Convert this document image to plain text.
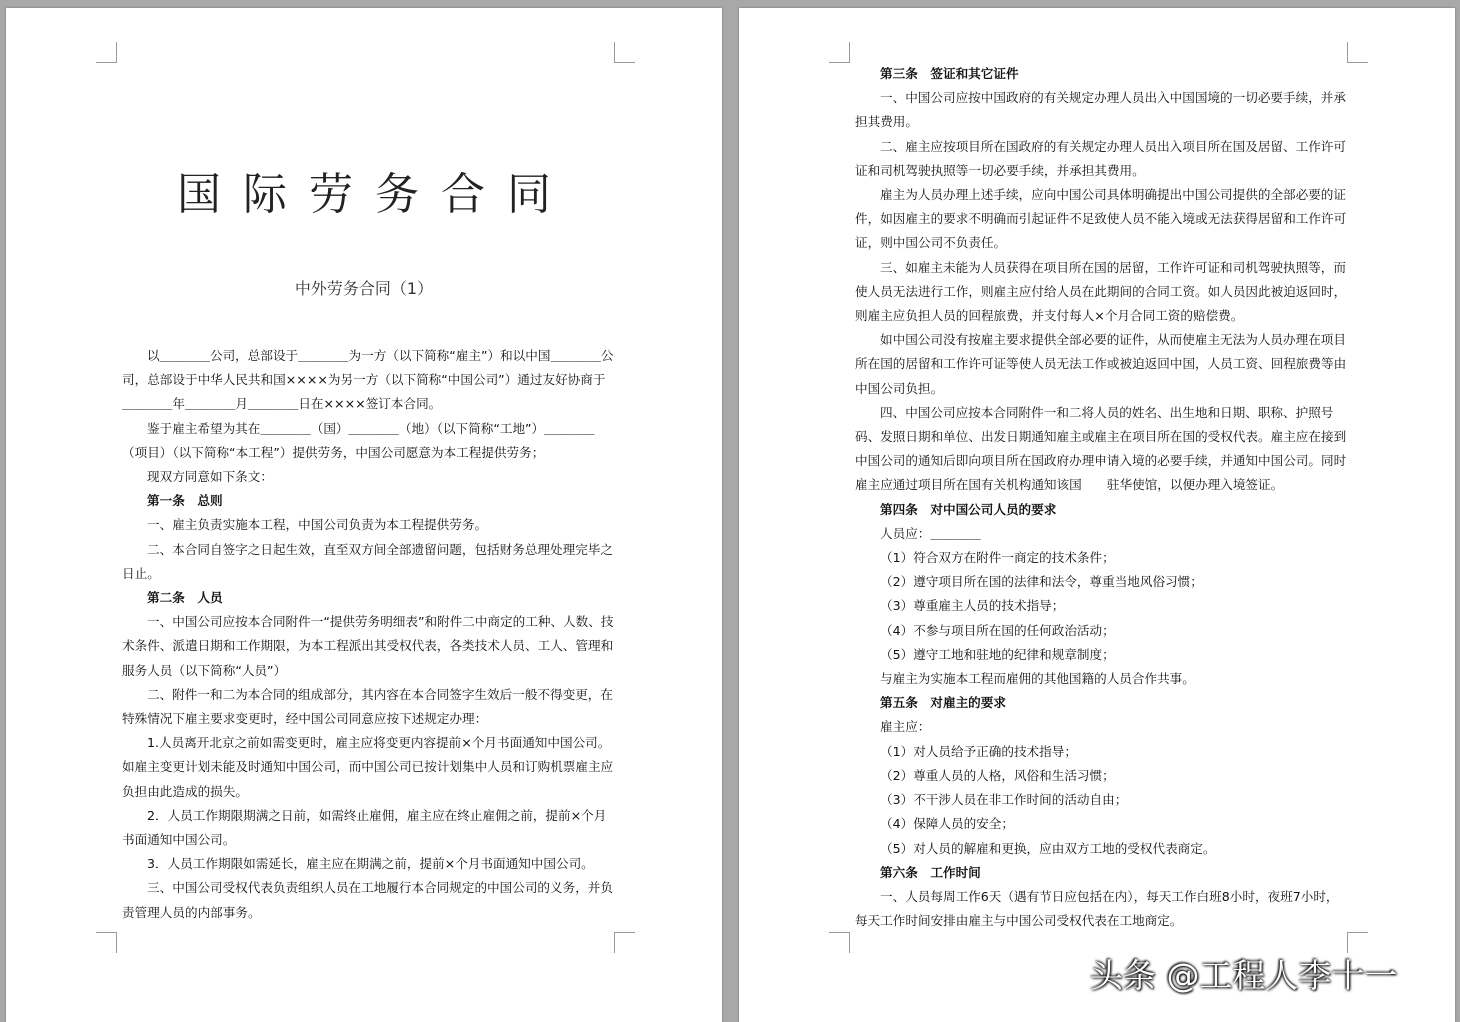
国际劳务合同

中外劳务合同（1）

以＿＿＿＿公司，总部设于＿＿＿＿为一方（以下简称“雇主”）和以中国＿＿＿＿公司，总部设于中华人民共和国××××为另一方（以下简称“中国公司”）通过友好协商于＿＿＿＿年＿＿＿＿月＿＿＿＿日在××××签订本合同。

鉴于雇主希望为其在＿＿＿＿（国）＿＿＿＿（地）（以下简称“工地”）＿＿＿＿（项目）（以下简称“本工程”）提供劳务，中国公司愿意为本工程提供劳务；

现双方同意如下条文：

第一条　总则

一、雇主负责实施本工程，中国公司负责为本工程提供劳务。

二、本合同自签字之日起生效，直至双方间全部遗留问题，包括财务总理处理完毕之日止。

第二条　人员

一、中国公司应按本合同附件一“提供劳务明细表”和附件二中商定的工种、人数、技术条件、派遣日期和工作期限，为本工程派出其受权代表，各类技术人员、工人、管理和服务人员（以下简称“人员”）

二、附件一和二为本合同的组成部分，其内容在本合同签字生效后一般不得变更，在特殊情况下雇主要求变更时，经中国公司同意应按下述规定办理：

1.人员离开北京之前如需变更时，雇主应将变更内容提前×个月书面通知中国公司。如雇主变更计划未能及时通知中国公司，而中国公司已按计划集中人员和订购机票雇主应负担由此造成的损失。

2．人员工作期限期满之日前，如需终止雇佣，雇主应在终止雇佣之前，提前×个月书面通知中国公司。

3．人员工作期限如需延长，雇主应在期满之前，提前×个月书面通知中国公司。

三、中国公司受权代表负责组织人员在工地履行本合同规定的中国公司的义务，并负责管理人员的内部事务。

第三条　签证和其它证件

一、中国公司应按中国政府的有关规定办理人员出入中国国境的一切必要手续，并承担其费用。

二、雇主应按项目所在国政府的有关规定办理人员出入项目所在国及居留、工作许可证和司机驾驶执照等一切必要手续，并承担其费用。

雇主为人员办理上述手续，应向中国公司具体明确提出中国公司提供的全部必要的证件，如因雇主的要求不明确而引起证件不足致使人员不能入境或无法获得居留和工作许可证，则中国公司不负责任。

三、如雇主未能为人员获得在项目所在国的居留，工作许可证和司机驾驶执照等，而使人员无法进行工作，则雇主应付给人员在此期间的合同工资。如人员因此被迫返回时，则雇主应负担人员的回程旅费，并支付每人×个月合同工资的赔偿费。

如中国公司没有按雇主要求提供全部必要的证件，从而使雇主无法为人员办理在项目所在国的居留和工作许可证等使人员无法工作或被迫返回中国，人员工资、回程旅费等由中国公司负担。

四、中国公司应按本合同附件一和二将人员的姓名、出生地和日期、职称、护照号码、发照日期和单位、出发日期通知雇主或雇主在项目所在国的受权代表。雇主应在接到中国公司的通知后即向项目所在国政府办理申请入境的必要手续，并通知中国公司。同时雇主应通过项目所在国有关机构通知该国　　驻华使馆，以便办理入境签证。

第四条　对中国公司人员的要求

人员应：＿＿＿＿

（1）符合双方在附件一商定的技术条件；

（2）遵守项目所在国的法律和法令，尊重当地风俗习惯；

（3）尊重雇主人员的技术指导；

（4）不参与项目所在国的任何政治活动；

（5）遵守工地和驻地的纪律和规章制度；

与雇主为实施本工程而雇佣的其他国籍的人员合作共事。

第五条　对雇主的要求

雇主应：

（1）对人员给予正确的技术指导；

（2）尊重人员的人格，风俗和生活习惯；

（3）不干涉人员在非工作时间的活动自由；

（4）保障人员的安全；

（5）对人员的解雇和更换，应由双方工地的受权代表商定。

第六条　工作时间

一、人员每周工作6天（遇有节日应包括在内），每天工作白班8小时，夜班7小时，每天工作时间安排由雇主与中国公司受权代表在工地商定。

头条 @工程人李十一
